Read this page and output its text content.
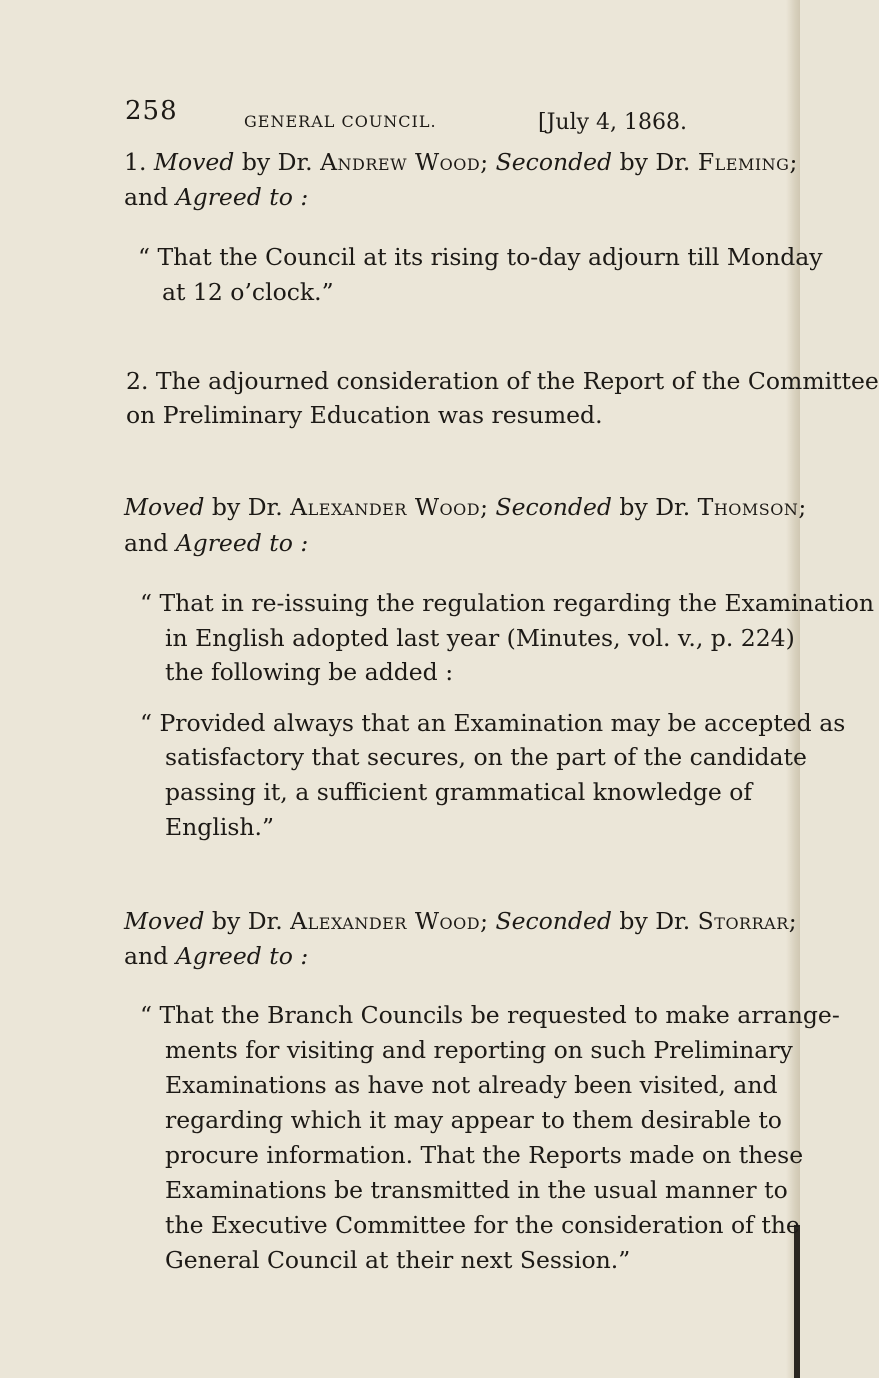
258	GENERAL COUNCIL.	[July 4, 1868.
1. Moved by Dr. Andrew Wood; Seconded by Dr. Fleming;
and Agreed to :
“ That the Council at its rising to-day adjourn till Monday
at 12 o’clock.”
2. The adjourned consideration of the Report of the Committee
on Preliminary Education was resumed.
Moved by Dr. Alexander Wood; Seconded by Dr. Thomson;
and Agreed to :
“ That in re-issuing the regulation regarding the Examination
in English adopted last year (Minutes, vol. v., p. 224)
the following be added :
“ Provided always that an Examination may be accepted as
satisfactory that secures, on the part of the candidate
passing it, a sufficient grammatical knowledge of
English.”
Moved by Dr. Alexander Wood; Seconded by Dr. Storrar;
and Agreed to :
“ That the Branch Councils be requested to make arrange-
ments for visiting and reporting on such Preliminary
Examinations as have not already been visited, and
regarding which it may appear to them desirable to
procure information. That the Reports made on these
Examinations be transmitted in the usual manner to
the Executive Committee for the consideration of the
General Council at their next Session.”
